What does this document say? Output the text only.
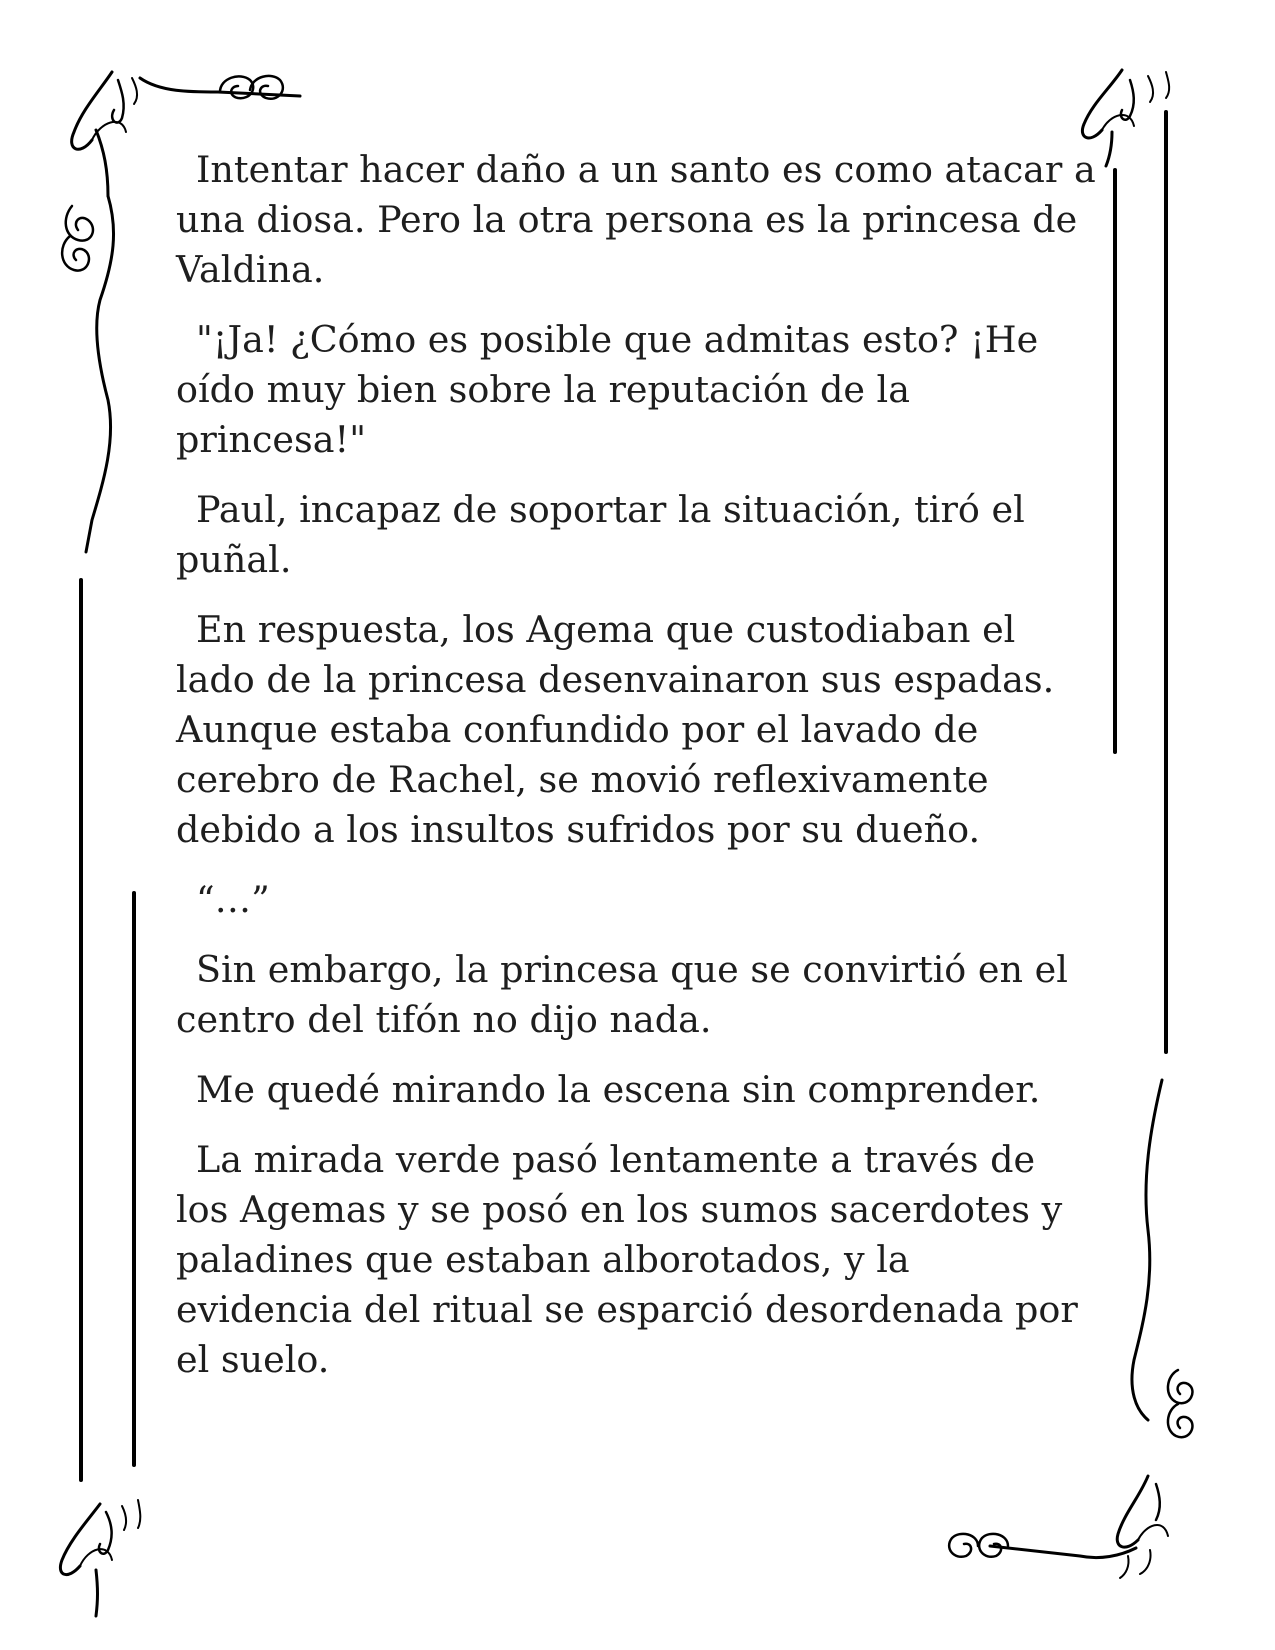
Intentar hacer daño a un santo es como atacar a una diosa. Pero la otra persona es la princesa de Valdina.

"¡Ja! ¿Cómo es posible que admitas esto? ¡He oído muy bien sobre la reputación de la princesa!"

Paul, incapaz de soportar la situación, tiró el puñal.

En respuesta, los Agema que custodiaban el lado de la princesa desenvainaron sus espadas. Aunque estaba confundido por el lavado de cerebro de Rachel, se movió reflexivamente debido a los insultos sufridos por su dueño.

“…”

Sin embargo, la princesa que se convirtió en el centro del tifón no dijo nada.

Me quedé mirando la escena sin comprender.

La mirada verde pasó lentamente a través de los Agemas y se posó en los sumos sacerdotes y paladines que estaban alborotados, y la evidencia del ritual se esparció desordenada por el suelo.
